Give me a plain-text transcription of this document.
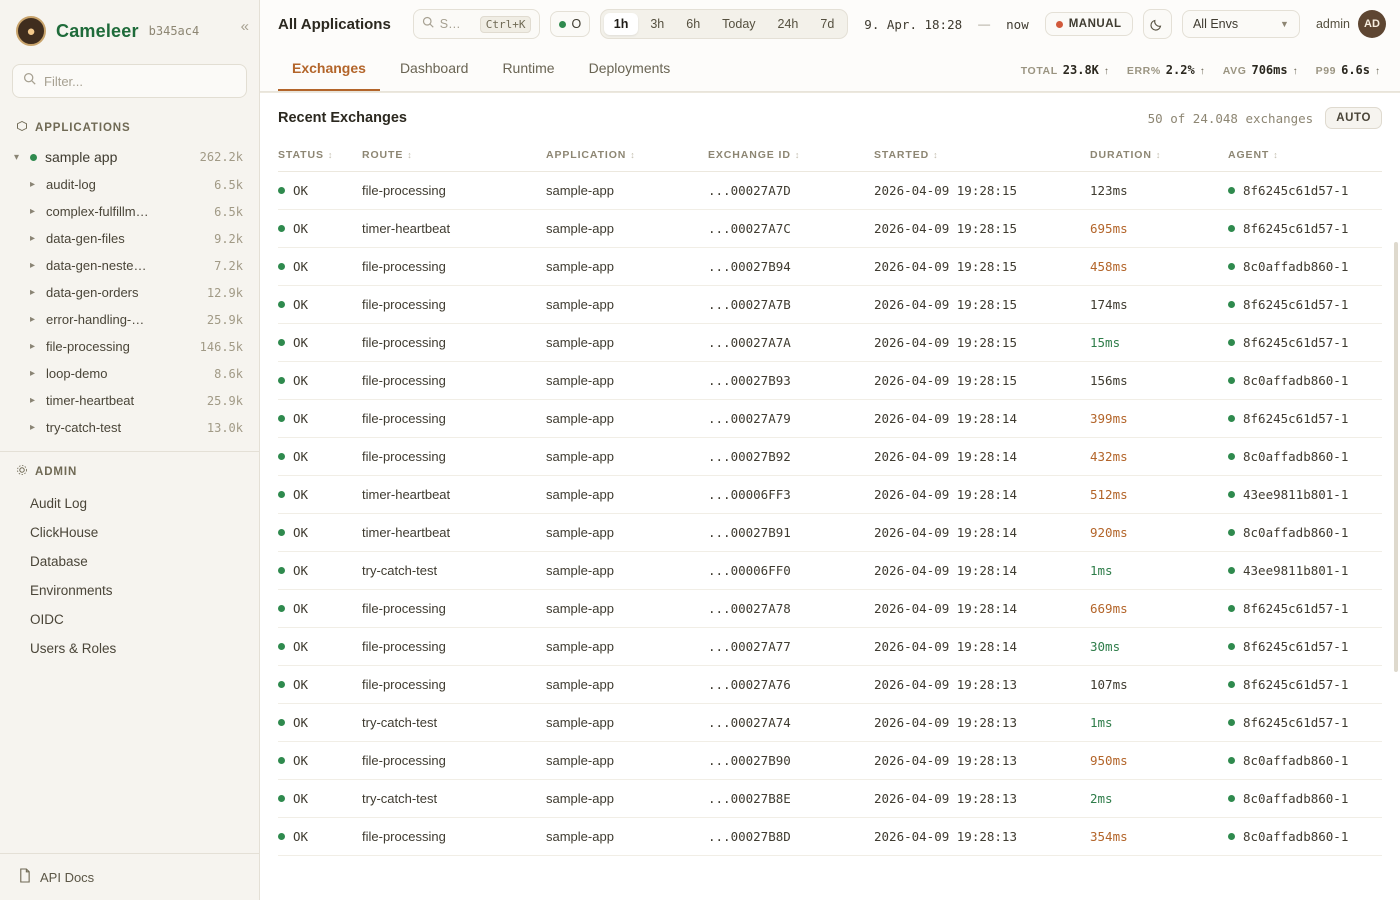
●	Cameleer b345ac4	«
Filter...
APPLICATIONS
▾	sample app	262.2k
▸ audit-log	6.5k
▸ complex-fulfillm…	6.5k
▸ data-gen-files	9.2k
▸ data-gen-neste…	7.2k
▸ data-gen-orders	12.9k
▸ error-handling-…	25.9k
▸ file-processing	146.5k
▸ loop-demo	8.6k
▸ timer-heartbeat	25.9k
▸ try-catch-test	13.0k
ADMIN
Audit Log
ClickHouse
Database
Environments
OIDC
Users & Roles
API Docs
All Applications	S…	Ctrl+K	O	1h	3h	6h	Today	24h	7d	9. Apr. 18:28	—	now	MANUAL	All Envs	▼ admin	AD
Exchanges	Dashboard	Runtime	Deployments	TOTAL 23.8K ↑ ERR% 2.2% ↑ AVG 706ms ↑ P99 6.6s ↑
Recent Exchanges	50 of 24.048 exchanges	AUTO
STATUS ↕	ROUTE ↕	APPLICATION ↕	EXCHANGE ID ↕	STARTED ↕	DURATION ↕	AGENT ↕

OK	file-processing	sample-app	...00027A7D	2026-04-09 19:28:15	123ms	8f6245c61d57-1

OK	timer-heartbeat	sample-app	...00027A7C	2026-04-09 19:28:15	695ms	8f6245c61d57-1

OK	file-processing	sample-app	...00027B94	2026-04-09 19:28:15	458ms	8c0affadb860-1

OK	file-processing	sample-app	...00027A7B	2026-04-09 19:28:15	174ms	8f6245c61d57-1

OK	file-processing	sample-app	...00027A7A	2026-04-09 19:28:15	15ms	8f6245c61d57-1

OK	file-processing	sample-app	...00027B93	2026-04-09 19:28:15	156ms	8c0affadb860-1

OK	file-processing	sample-app	...00027A79	2026-04-09 19:28:14	399ms	8f6245c61d57-1

OK	file-processing	sample-app	...00027B92	2026-04-09 19:28:14	432ms	8c0affadb860-1

OK	timer-heartbeat	sample-app	...00006FF3	2026-04-09 19:28:14	512ms	43ee9811b801-1

OK	timer-heartbeat	sample-app	...00027B91	2026-04-09 19:28:14	920ms	8c0affadb860-1

OK	try-catch-test	sample-app	...00006FF0	2026-04-09 19:28:14	1ms	43ee9811b801-1

OK	file-processing	sample-app	...00027A78	2026-04-09 19:28:14	669ms	8f6245c61d57-1

OK	file-processing	sample-app	...00027A77	2026-04-09 19:28:14	30ms	8f6245c61d57-1

OK	file-processing	sample-app	...00027A76	2026-04-09 19:28:13	107ms	8f6245c61d57-1

OK	try-catch-test	sample-app	...00027A74	2026-04-09 19:28:13	1ms	8f6245c61d57-1

OK	file-processing	sample-app	...00027B90	2026-04-09 19:28:13	950ms	8c0affadb860-1

OK	try-catch-test	sample-app	...00027B8E	2026-04-09 19:28:13	2ms	8c0affadb860-1

OK	file-processing	sample-app	...00027B8D	2026-04-09 19:28:13	354ms	8c0affadb860-1
